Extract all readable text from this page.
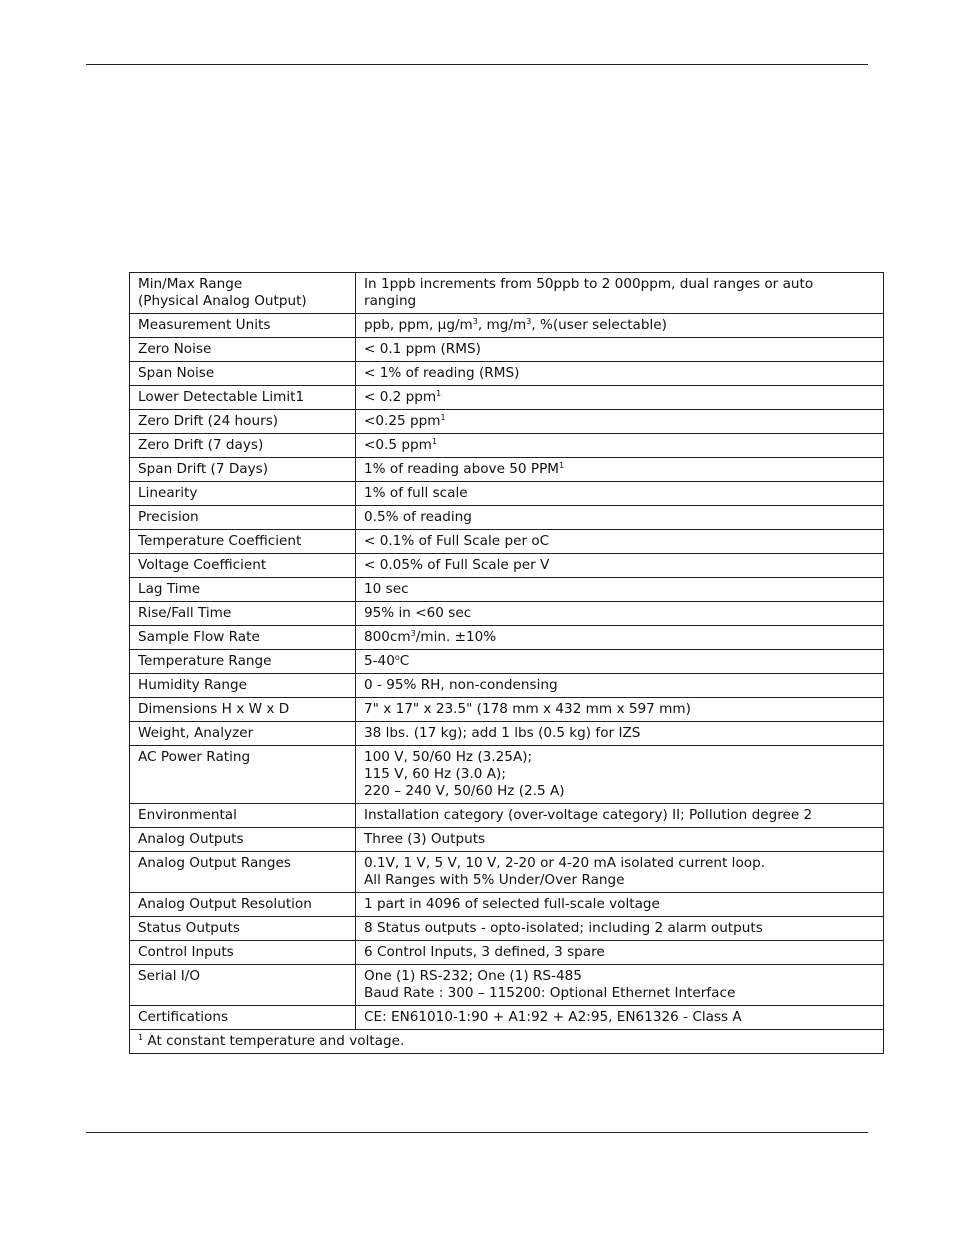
Min/Max Range
(Physical Analog Output)	In 1ppb increments from 50ppb to 2 000ppm, dual ranges or auto
ranging

Measurement Units	ppb, ppm, $\mu g/m^3$, $mg/m^3$, %(user selectable)

Zero Noise	< 0.1 ppm (RMS)

Span Noise	< 1% of reading (RMS)

Lower Detectable Limit1	< 0.2 ppm$^1$

Zero Drift (24 hours)	<0.25 ppm$^1$

Zero Drift (7 days)	<0.5 ppm$^1$

Span Drift (7 Days)	1% of reading above 50 PPM$^1$

Linearity	1% of full scale

Precision	0.5% of reading

Temperature Coefficient	< 0.1% of Full Scale per oC

Voltage Coefficient	< 0.05% of Full Scale per V

Lag Time	10 sec

Rise/Fall Time	95% in <60 sec

Sample Flow Rate	$800cm^3/\min$. ±10%

Temperature Range	5-40$^o$C

Humidity Range	0 - 95% RH, non-condensing

Dimensions H x W x D	7" x 17" x 23.5" (178 mm x 432 mm x 597 mm)

Weight, Analyzer	38 lbs. (17 kg); add 1 lbs (0.5 kg) for IZS

AC Power Rating	100 V, 50/60 Hz (3.25A);
115 V, 60 Hz (3.0 A);
220 – 240 V, 50/60 Hz (2.5 A)

Environmental	Installation category (over-voltage category) II; Pollution degree 2

Analog Outputs	Three (3) Outputs

Analog Output Ranges	0.1V, 1 V, 5 V, 10 V, 2-20 or 4-20 mA isolated current loop.
All Ranges with 5% Under/Over Range

Analog Output Resolution	1 part in 4096 of selected full-scale voltage

Status Outputs	8 Status outputs - opto-isolated; including 2 alarm outputs

Control Inputs	6 Control Inputs, 3 defined, 3 spare

Serial I/O	One (1) RS-232; One (1) RS-485
Baud Rate : 300 – 115200: Optional Ethernet Interface

Certifications	CE: EN61010-1:90 + A1:92 + A2:95, EN61326 - Class A

$^1$ At constant temperature and voltage.	
